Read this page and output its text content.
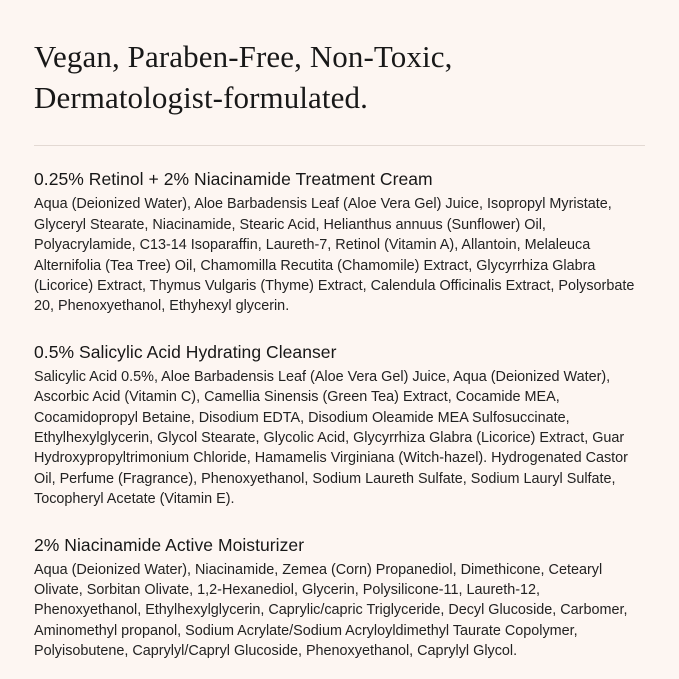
Vegan, Paraben-Free, Non-Toxic, Dermatologist-formulated.
0.25% Retinol + 2% Niacinamide Treatment Cream

Aqua (Deionized Water), Aloe Barbadensis Leaf (Aloe Vera Gel) Juice, Isopropyl Myristate, Glyceryl Stearate, Niacinamide, Stearic Acid, Helianthus annuus (Sunflower) Oil, Polyacrylamide, C13-14 Isoparaffin, Laureth-7, Retinol (Vitamin A), Allantoin, Melaleuca Alternifolia (Tea Tree) Oil, Chamomilla Recutita (Chamomile) Extract, Glycyrrhiza Glabra (Licorice) Extract, Thymus Vulgaris (Thyme) Extract, Calendula Officinalis Extract, Polysorbate 20, Phenoxyethanol, Ethyhexyl glycerin.

0.5% Salicylic Acid Hydrating Cleanser

Salicylic Acid 0.5%, Aloe Barbadensis Leaf (Aloe Vera Gel) Juice, Aqua (Deionized Water), Ascorbic Acid (Vitamin C), Camellia Sinensis (Green Tea) Extract, Cocamide MEA, Cocamidopropyl Betaine, Disodium EDTA, Disodium Oleamide MEA Sulfosuccinate, Ethylhexylglycerin, Glycol Stearate, Glycolic Acid, Glycyrrhiza Glabra (Licorice) Extract, Guar Hydroxypropyltrimonium Chloride, Hamamelis Virginiana (Witch-hazel). Hydrogenated Castor Oil, Perfume (Fragrance), Phenoxyethanol, Sodium Laureth Sulfate, Sodium Lauryl Sulfate, Tocopheryl Acetate (Vitamin E).

2% Niacinamide Active Moisturizer

Aqua (Deionized Water), Niacinamide, Zemea (Corn) Propanediol, Dimethicone, Cetearyl Olivate, Sorbitan Olivate, 1,2-Hexanediol, Glycerin, Polysilicone-11, Laureth-12, Phenoxyethanol, Ethylhexylglycerin, Caprylic/capric Triglyceride, Decyl Glucoside, Carbomer, Aminomethyl propanol, Sodium Acrylate/Sodium Acryloyldimethyl Taurate Copolymer, Polyisobutene, Caprylyl/Capryl Glucoside, Phenoxyethanol, Caprylyl Glycol.
